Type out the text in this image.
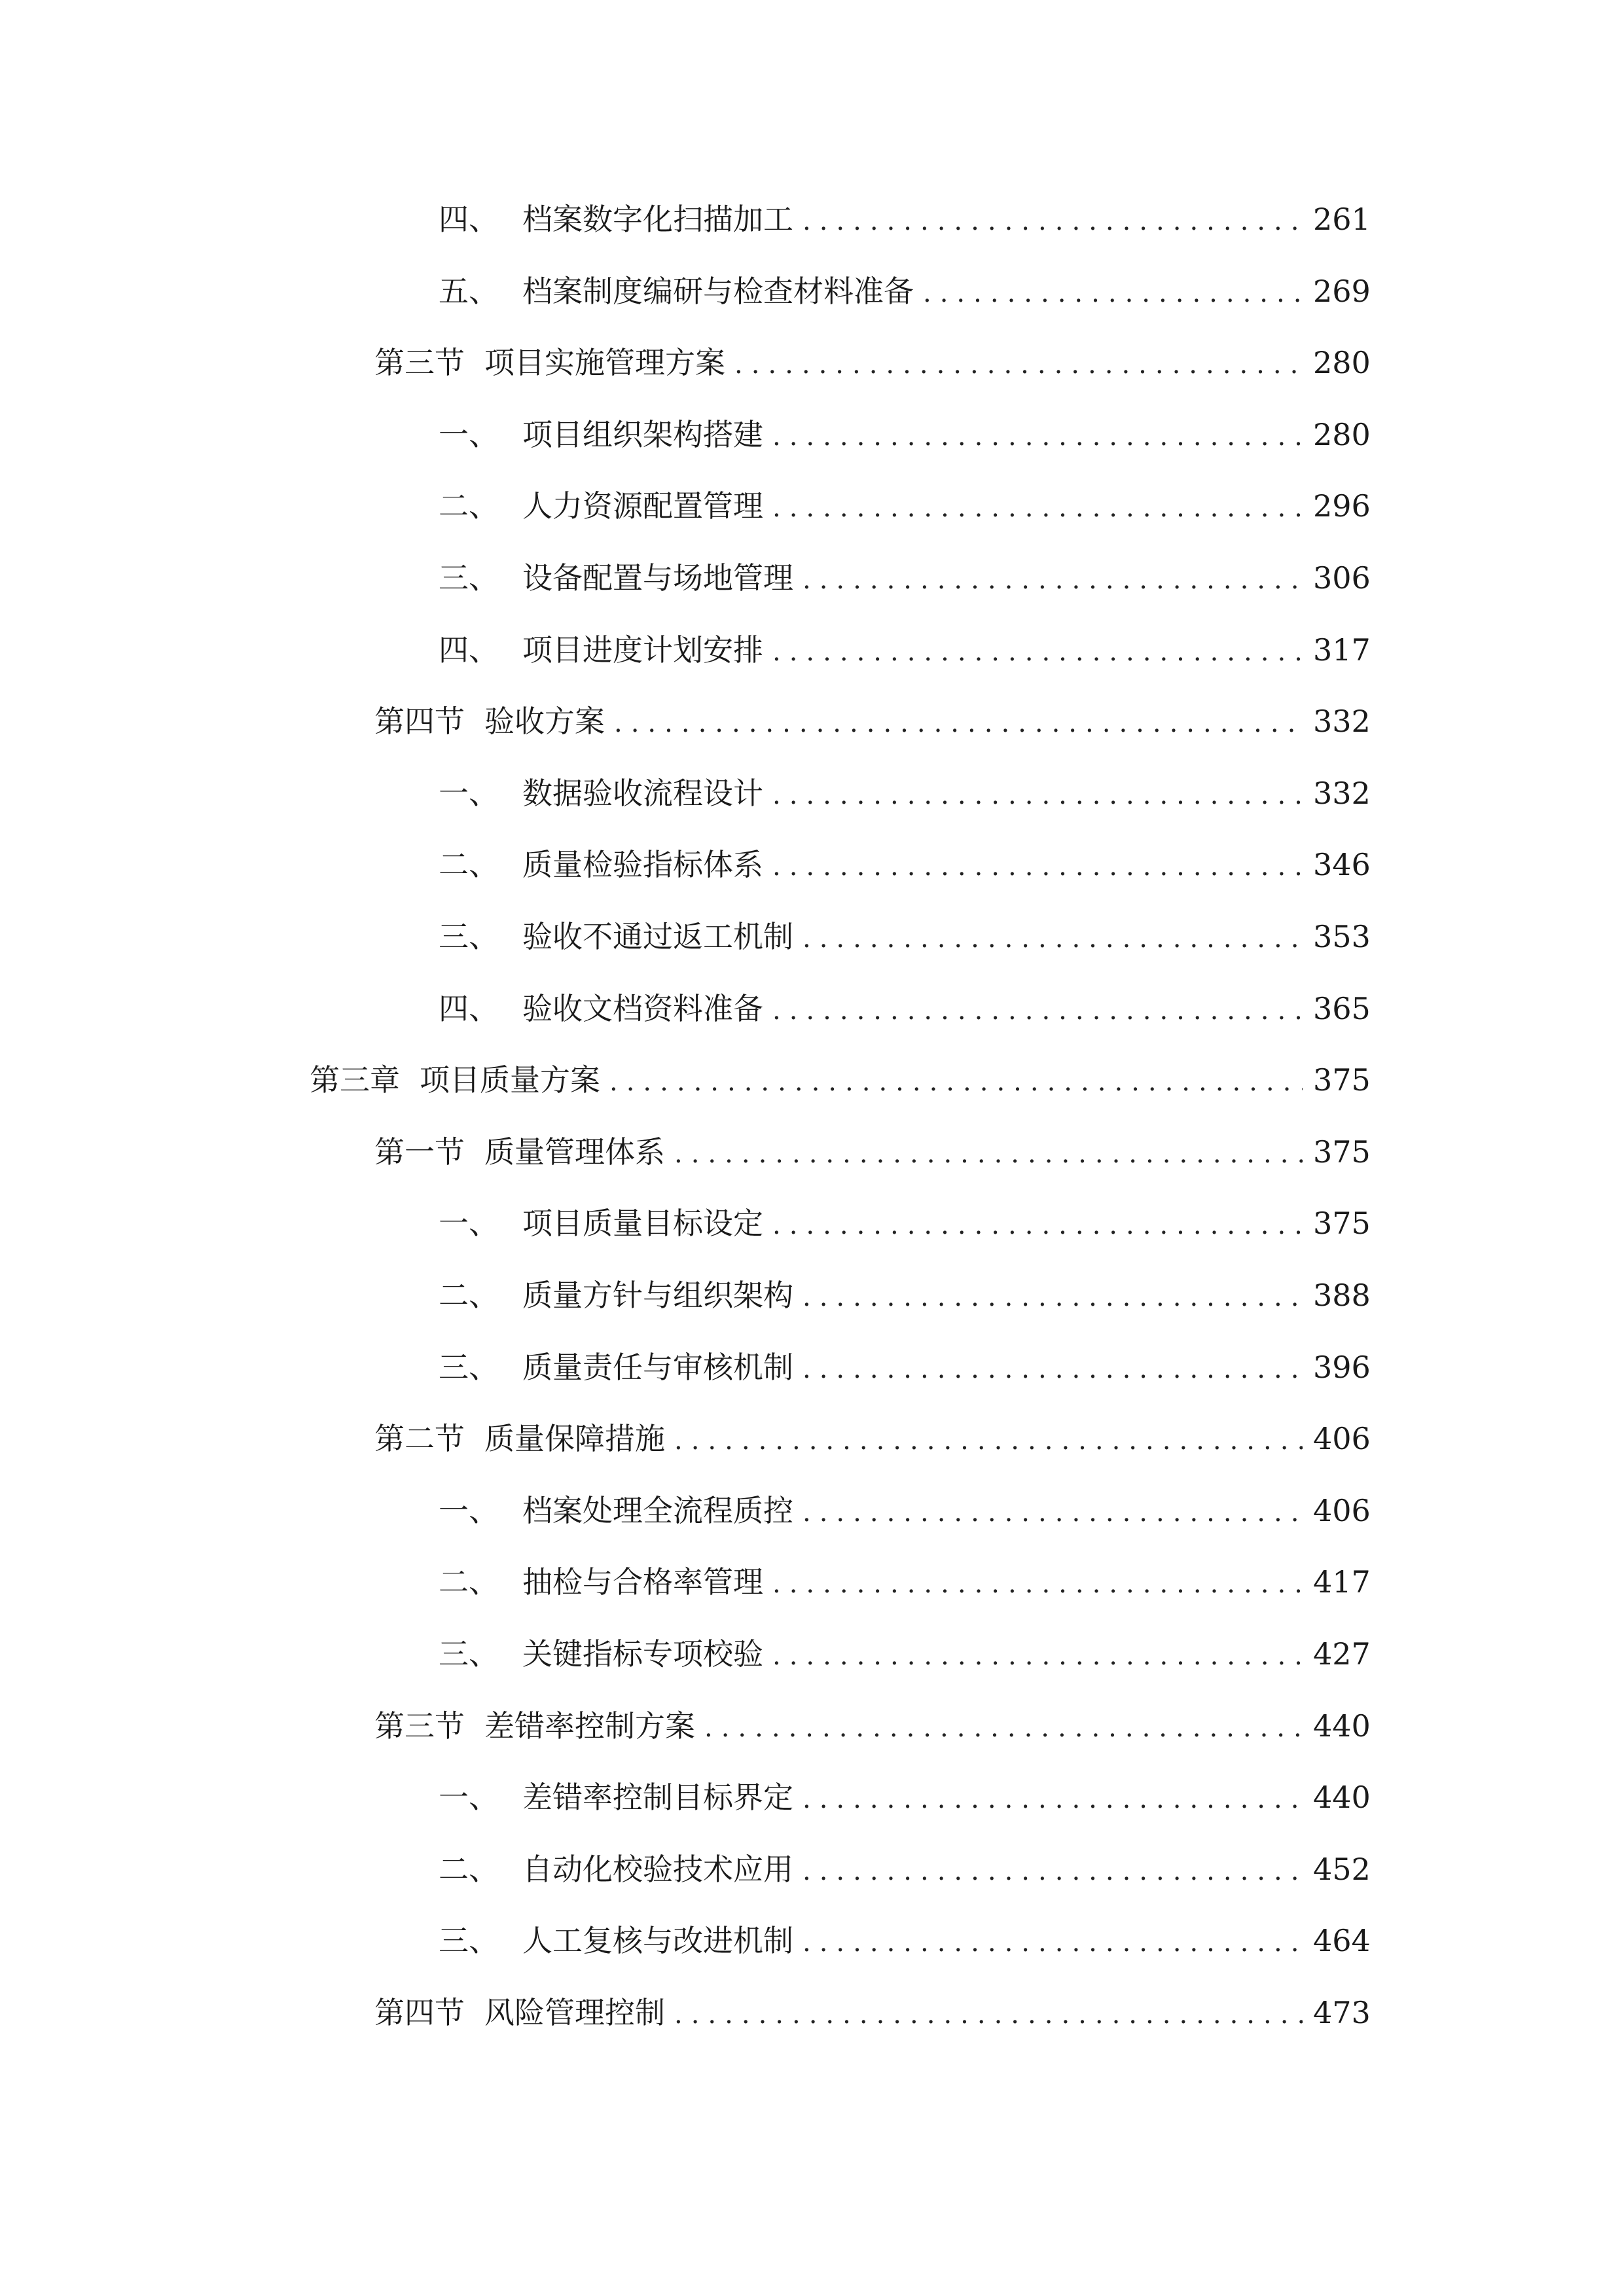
四、 档案数字化扫描加工 .....	261
五、 档案制度编研与检查材料准备 .....	269
第三节 项目实施管理方案 .....	280
一、 项目组织架构搭建 .....	280
二、 人力资源配置管理 .....	296
三、 设备配置与场地管理 .....	306
四、 项目进度计划安排 .....	317
第四节 验收方案 .....	332
一、 数据验收流程设计 .....	332
二、 质量检验指标体系 .....	346
三、 验收不通过返工机制 .....	353
四、 验收文档资料准备 .....	365
第三章 项目质量方案 .....	375
第一节 质量管理体系 .....	375
一、 项目质量目标设定 .....	375
二、 质量方针与组织架构 .....	388
三、 质量责任与审核机制 .....	396
第二节 质量保障措施 .....	406
一、 档案处理全流程质控 .....	406
二、 抽检与合格率管理 .....	417
三、 关键指标专项校验 .....	427
第三节 差错率控制方案 .....	440
一、 差错率控制目标界定 .....	440
二、 自动化校验技术应用 .....	452
三、 人工复核与改进机制 .....	464
第四节 风险管理控制 .....	473
